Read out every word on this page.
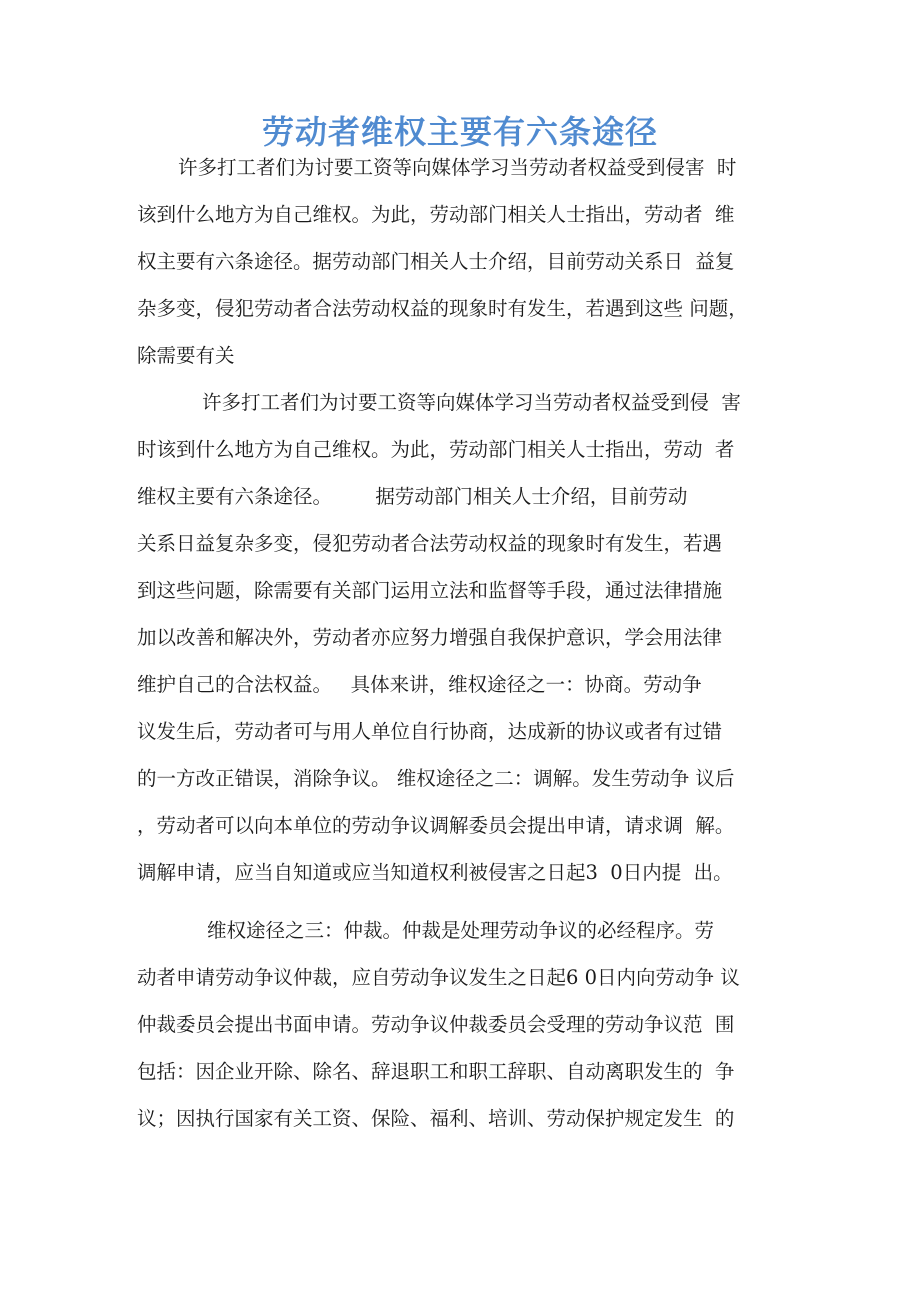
劳动者维权主要有六条途径
许多打工者们为讨要工资等向媒体学习当劳动者权益受到侵害  时
该到什么地方为自己维权。为此，劳动部门相关人士指出，劳动者  维
权主要有六条途径。据劳动部门相关人士介绍，目前劳动关系日  益复
杂多变，侵犯劳动者合法劳动权益的现象时有发生，若遇到这些 问题，
除需要有关
许多打工者们为讨要工资等向媒体学习当劳动者权益受到侵  害
时该到什么地方为自己维权。为此，劳动部门相关人士指出，劳动  者
维权主要有六条途径。       据劳动部门相关人士介绍，目前劳动
关系日益复杂多变，侵犯劳动者合法劳动权益的现象时有发生，若遇
到这些问题，除需要有关部门运用立法和监督等手段，通过法律措施
加以改善和解决外，劳动者亦应努力增强自我保护意识，学会用法律
维护自己的合法权益。   具体来讲，维权途径之一：协商。劳动争
议发生后，劳动者可与用人单位自行协商，达成新的协议或者有过错
的一方改正错误，消除争议。 维权途径之二：调解。发生劳动争 议后
，劳动者可以向本单位的劳动争议调解委员会提出申请，请求调  解。
调解申请，应当自知道或应当知道权利被侵害之日起3  0日内提  出。
维权途径之三：仲裁。仲裁是处理劳动争议的必经程序。劳
动者申请劳动争议仲裁，应自劳动争议发生之日起6 0日内向劳动争 议
仲裁委员会提出书面申请。劳动争议仲裁委员会受理的劳动争议范  围
包括：因企业开除、除名、辞退职工和职工辞职、自动离职发生的  争
议；因执行国家有关工资、保险、福利、培训、劳动保护规定发生  的
